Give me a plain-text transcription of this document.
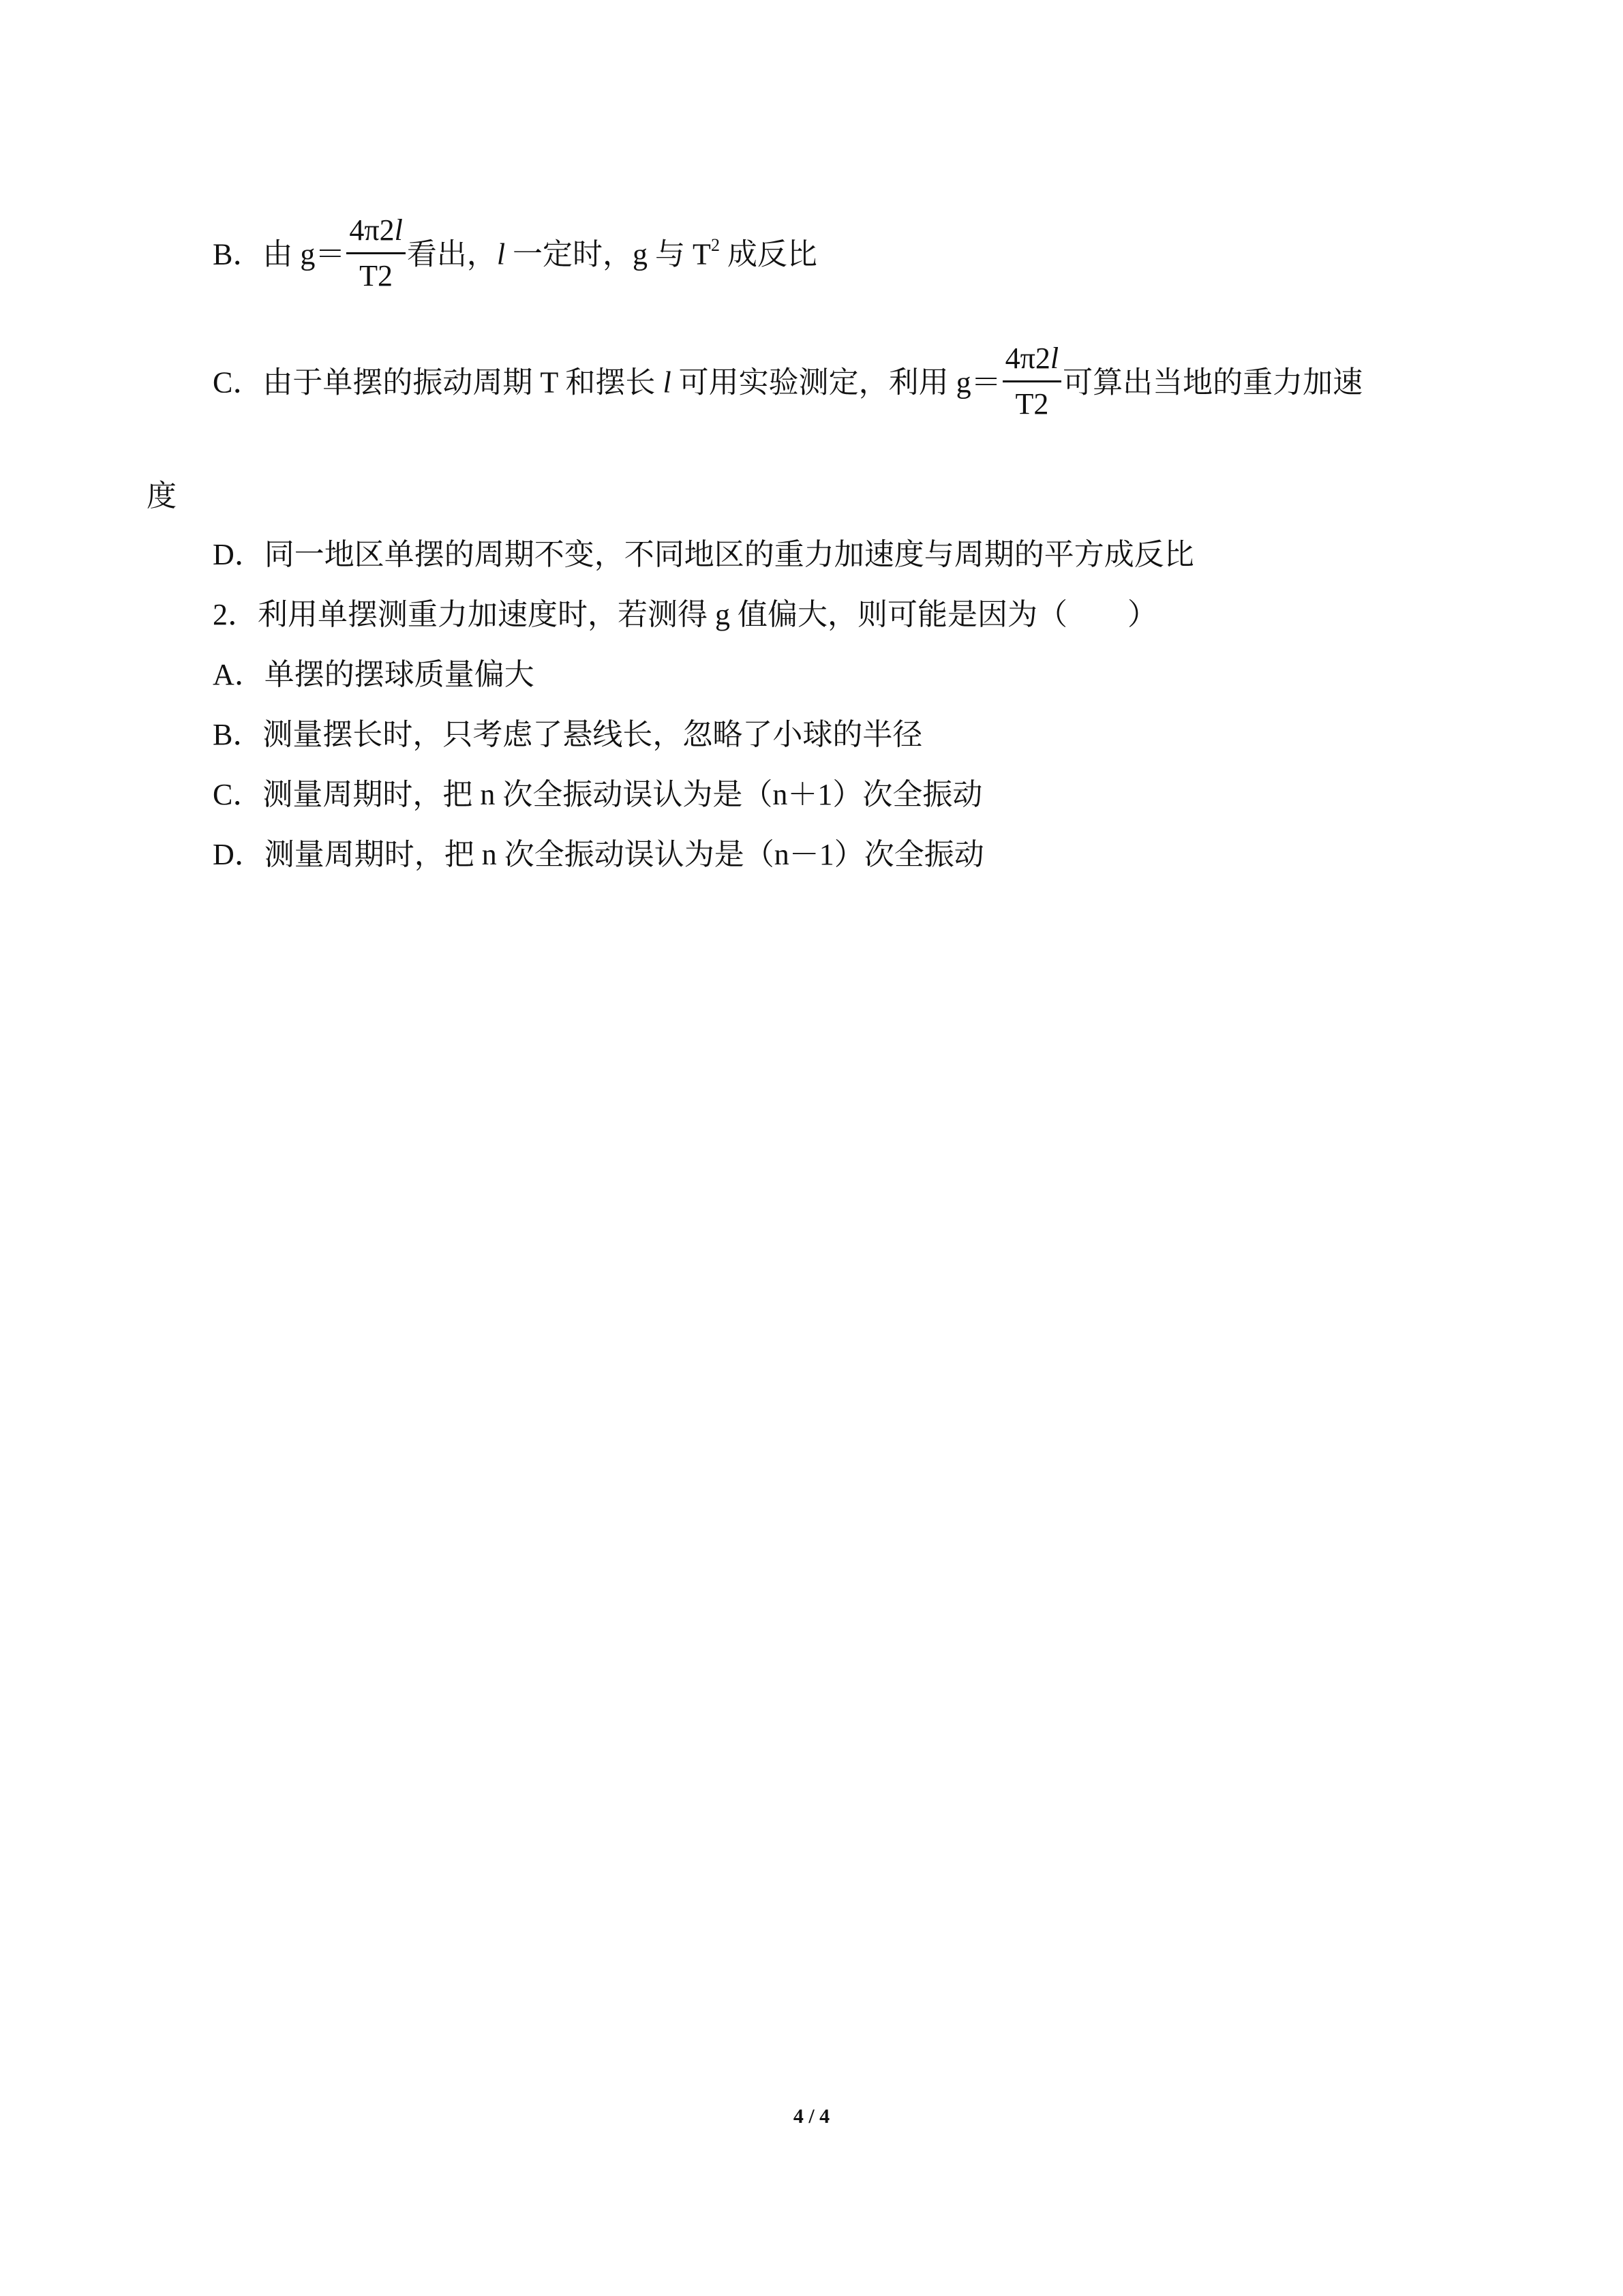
B．由 $g= \frac{4\pi 2l}{T2}$ 看出，l 一定时，g 与 $T^2$ 成反比
C．由于单摆的振动周期 T 和摆长 l 可用实验测定，利用 $g= \frac{4\pi 2l}{T2}$ 可算出当地的重力加速
度
D．同一地区单摆的周期不变，不同地区的重力加速度与周期的平方成反比
2．利用单摆测重力加速度时，若测得 g 值偏大，则可能是因为（　　）
A．单摆的摆球质量偏大
B．测量摆长时，只考虑了悬线长，忽略了小球的半径
C．测量周期时，把 n 次全振动误认为是（n＋1）次全振动
D．测量周期时，把 n 次全振动误认为是（n－1）次全振动
4 / 4
